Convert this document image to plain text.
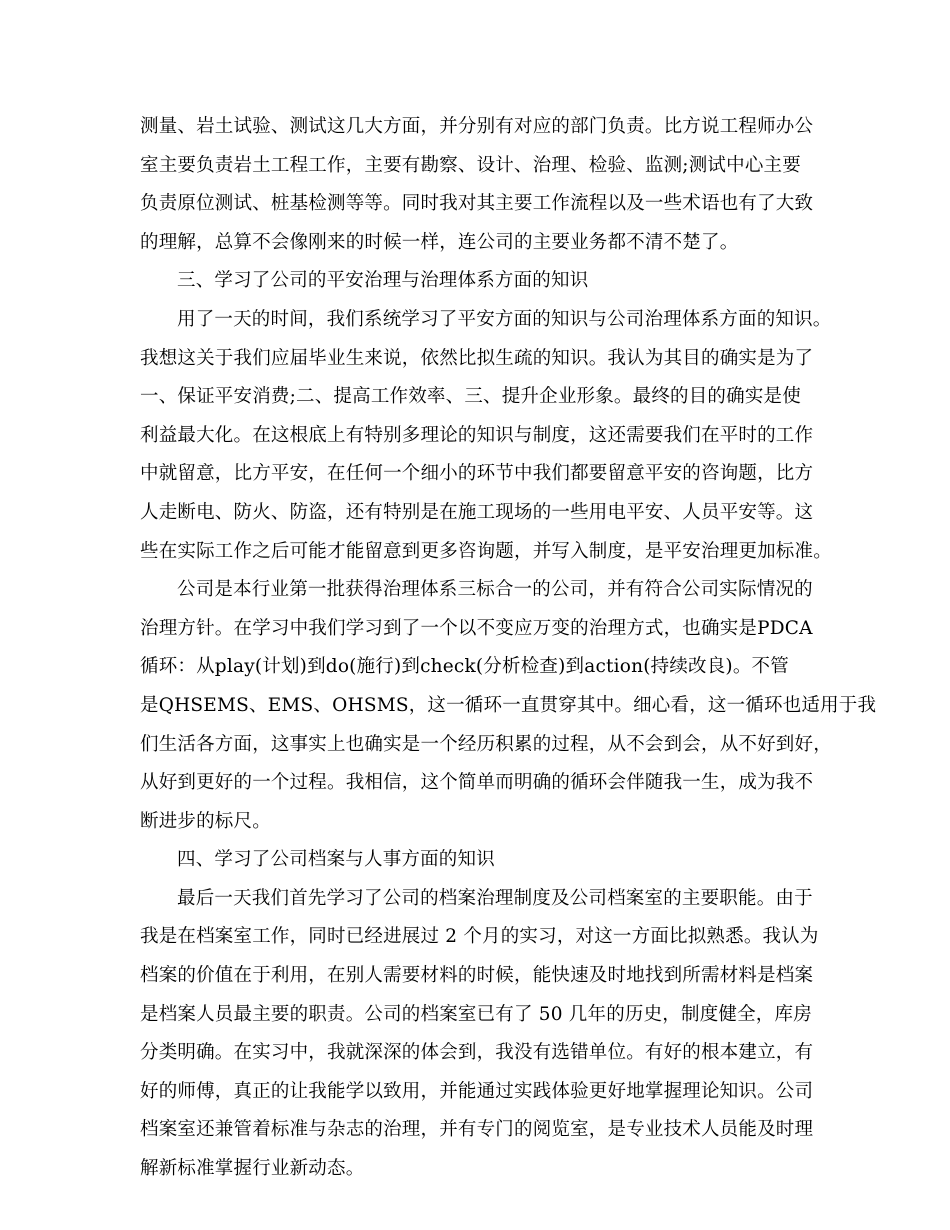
测量、岩土试验、测试这几大方面，并分别有对应的部门负责。比方说工程师办公
室主要负责岩土工程工作，主要有勘察、设计、治理、检验、监测;测试中心主要
负责原位测试、桩基检测等等。同时我对其主要工作流程以及一些术语也有了大致
的理解，总算不会像刚来的时候一样，连公司的主要业务都不清不楚了。
三、学习了公司的平安治理与治理体系方面的知识
用了一天的时间，我们系统学习了平安方面的知识与公司治理体系方面的知识。
我想这关于我们应届毕业生来说，依然比拟生疏的知识。我认为其目的确实是为了
一、保证平安消费;二、提高工作效率、三、提升企业形象。最终的目的确实是使
利益最大化。在这根底上有特别多理论的知识与制度，这还需要我们在平时的工作
中就留意，比方平安，在任何一个细小的环节中我们都要留意平安的咨询题，比方
人走断电、防火、防盗，还有特别是在施工现场的一些用电平安、人员平安等。这
些在实际工作之后可能才能留意到更多咨询题，并写入制度，是平安治理更加标准。
公司是本行业第一批获得治理体系三标合一的公司，并有符合公司实际情况的
治理方针。在学习中我们学习到了一个以不变应万变的治理方式，也确实是PDCA
循环：从play(计划)到do(施行)到check(分析检查)到action(持续改良)。不管
是QHSEMS、EMS、OHSMS，这一循环一直贯穿其中。细心看，这一循环也适用于我
们生活各方面，这事实上也确实是一个经历积累的过程，从不会到会，从不好到好，
从好到更好的一个过程。我相信，这个简单而明确的循环会伴随我一生，成为我不
断进步的标尺。
四、学习了公司档案与人事方面的知识
最后一天我们首先学习了公司的档案治理制度及公司档案室的主要职能。由于
我是在档案室工作，同时已经进展过 2 个月的实习，对这一方面比拟熟悉。我认为
档案的价值在于利用，在别人需要材料的时候，能快速及时地找到所需材料是档案
是档案人员最主要的职责。公司的档案室已有了 50 几年的历史，制度健全，库房
分类明确。在实习中，我就深深的体会到，我没有选错单位。有好的根本建立，有
好的师傅，真正的让我能学以致用，并能通过实践体验更好地掌握理论知识。公司
档案室还兼管着标准与杂志的治理，并有专门的阅览室，是专业技术人员能及时理
解新标准掌握行业新动态。
